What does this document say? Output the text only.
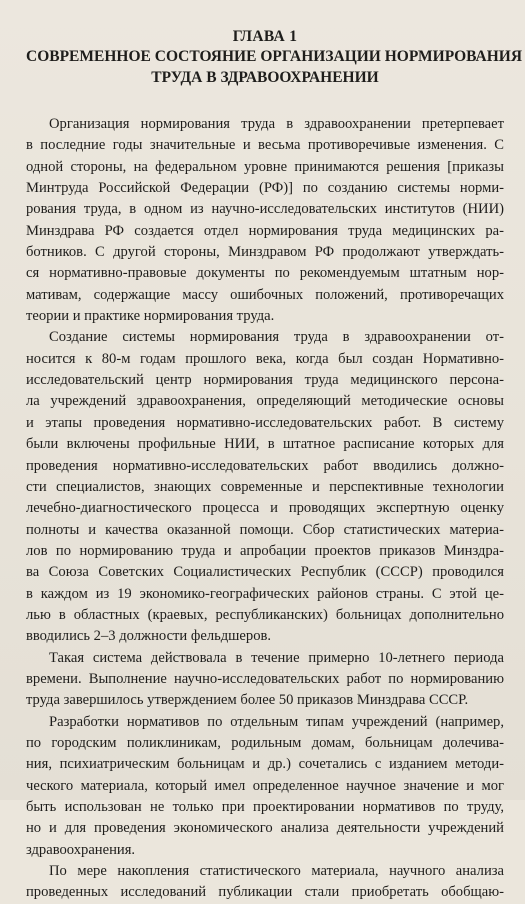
ГЛАВА 1
СОВРЕМЕННОЕ СОСТОЯНИЕ ОРГАНИЗАЦИИ НОРМИРОВАНИЯ
ТРУДА В ЗДРАВООХРАНЕНИИ

Организация нормирования труда в здравоохранении претерпевает
в последние годы значительные и весьма противоречивые изменения. С
одной стороны, на федеральном уровне принимаются решения [приказы
Минтруда Российской Федерации (РФ)] по созданию системы норми-
рования труда, в одном из научно-исследовательских институтов (НИИ)
Минздрава РФ создается отдел нормирования труда медицинских ра-
ботников. С другой стороны, Минздравом РФ продолжают утверждать-
ся нормативно-правовые документы по рекомендуемым штатным нор-
мативам, содержащие массу ошибочных положений, противоречащих
теории и практике нормирования труда.

Создание системы нормирования труда в здравоохранении от-
носится к 80-м годам прошлого века, когда был создан Нормативно-
исследовательский центр нормирования труда медицинского персона-
ла учреждений здравоохранения, определяющий методические основы
и этапы проведения нормативно-исследовательских работ. В систему
были включены профильные НИИ, в штатное расписание которых для
проведения нормативно-исследовательских работ вводились должно-
сти специалистов, знающих современные и перспективные технологии
лечебно-диагностического процесса и проводящих экспертную оценку
полноты и качества оказанной помощи. Сбор статистических материа-
лов по нормированию труда и апробации проектов приказов Минздра-
ва Союза Советских Социалистических Республик (СССР) проводился
в каждом из 19 экономико-географических районов страны. С этой це-
лью в областных (краевых, республиканских) больницах дополнительно
вводились 2–3 должности фельдшеров.

Такая система действовала в течение примерно 10-летнего периода
времени. Выполнение научно-исследовательских работ по нормированию
труда завершилось утверждением более 50 приказов Минздрава СССР.

Разработки нормативов по отдельным типам учреждений (например,
по городским поликлиникам, родильным домам, больницам долечива-
ния, психиатрическим больницам и др.) сочетались с изданием методи-
ческого материала, который имел определенное научное значение и мог
быть использован не только при проектировании нормативов по труду,
но и для проведения экономического анализа деятельности учреждений
здравоохранения.

По мере накопления статистического материала, научного анализа
проведенных исследований публикации стали приобретать обобщаю-
